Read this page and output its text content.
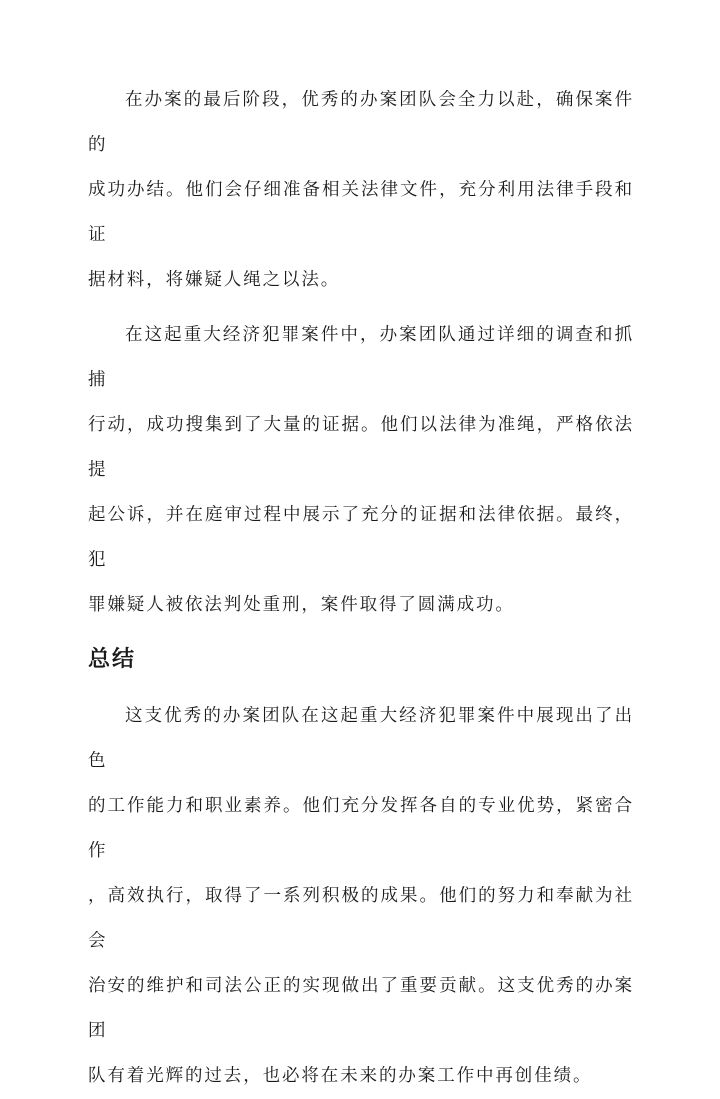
在办案的最后阶段，优秀的办案团队会全力以赴，确保案件的
成功办结。他们会仔细准备相关法律文件，充分利用法律手段和证
据材料，将嫌疑人绳之以法。

在这起重大经济犯罪案件中，办案团队通过详细的调查和抓捕
行动，成功搜集到了大量的证据。他们以法律为准绳，严格依法提
起公诉，并在庭审过程中展示了充分的证据和法律依据。最终，犯
罪嫌疑人被依法判处重刑，案件取得了圆满成功。

总结

这支优秀的办案团队在这起重大经济犯罪案件中展现出了出色
的工作能力和职业素养。他们充分发挥各自的专业优势，紧密合作
，高效执行，取得了一系列积极的成果。他们的努力和奉献为社会
治安的维护和司法公正的实现做出了重要贡献。这支优秀的办案团
队有着光辉的过去，也必将在未来的办案工作中再创佳绩。
